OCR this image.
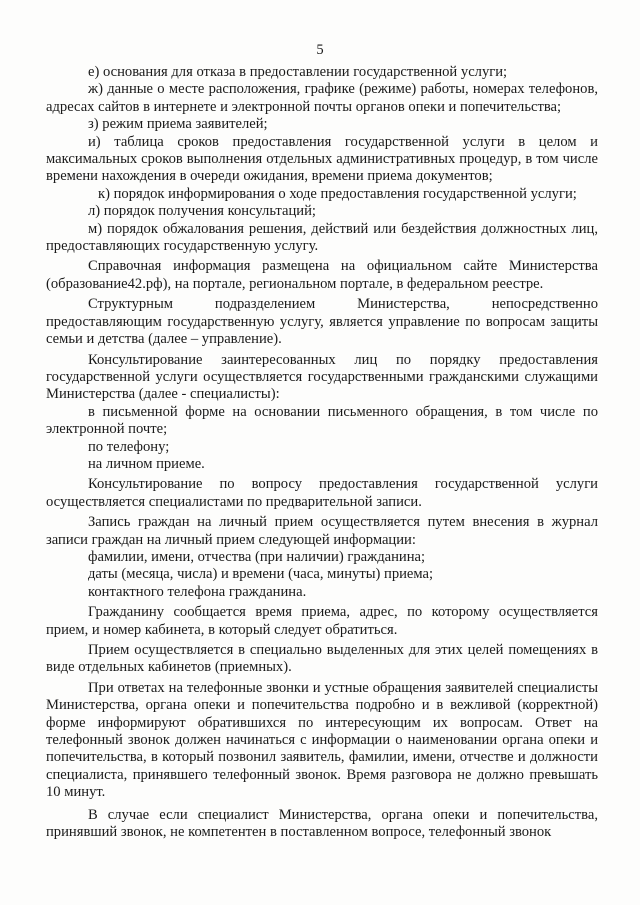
5

е) основания для отказа в предоставлении государственной услуги;

ж) данные о месте расположения, графике (режиме) работы, номерах телефонов, адресах сайтов в интернете и электронной почты органов опеки и попечительства;

з) режим приема заявителей;

и) таблица сроков предоставления государственной услуги в целом и максимальных сроков выполнения отдельных административных процедур, в том числе времени нахождения в очереди ожидания, времени приема документов;

к) порядок информирования о ходе предоставления государственной услуги;

л) порядок получения консультаций;

м) порядок обжалования решения, действий или бездействия должностных лиц, предоставляющих государственную услугу.

Справочная информация размещена на официальном сайте Министерства (образование42.рф), на портале, региональном портале, в федеральном реестре.

Структурным подразделением Министерства, непосредственно предоставляющим государственную услугу, является управление по вопросам защиты семьи и детства (далее – управление).

Консультирование заинтересованных лиц по порядку предоставления государственной услуги осуществляется государственными гражданскими служащими Министерства (далее - специалисты):

в письменной форме на основании письменного обращения, в том числе по электронной почте;

по телефону;

на личном приеме.

Консультирование по вопросу предоставления государственной услуги осуществляется специалистами по предварительной записи.

Запись граждан на личный прием осуществляется путем внесения в журнал записи граждан на личный прием следующей информации:

фамилии, имени, отчества (при наличии) гражданина;

даты (месяца, числа) и времени (часа, минуты) приема;

контактного телефона гражданина.

Гражданину сообщается время приема, адрес, по которому осуществляется прием, и номер кабинета, в который следует обратиться.

Прием осуществляется в специально выделенных для этих целей помещениях в виде отдельных кабинетов (приемных).

При ответах на телефонные звонки и устные обращения заявителей специалисты Министерства, органа опеки и попечительства подробно и в вежливой (корректной) форме информируют обратившихся по интересующим их вопросам. Ответ на телефонный звонок должен начинаться с информации о наименовании органа опеки и попечительства, в который позвонил заявитель, фамилии, имени, отчестве и должности специалиста, принявшего телефонный звонок. Время разговора не должно превышать 10 минут.

В случае если специалист Министерства, органа опеки и попечительства, принявший звонок, не компетентен в поставленном вопросе, телефонный звонок
